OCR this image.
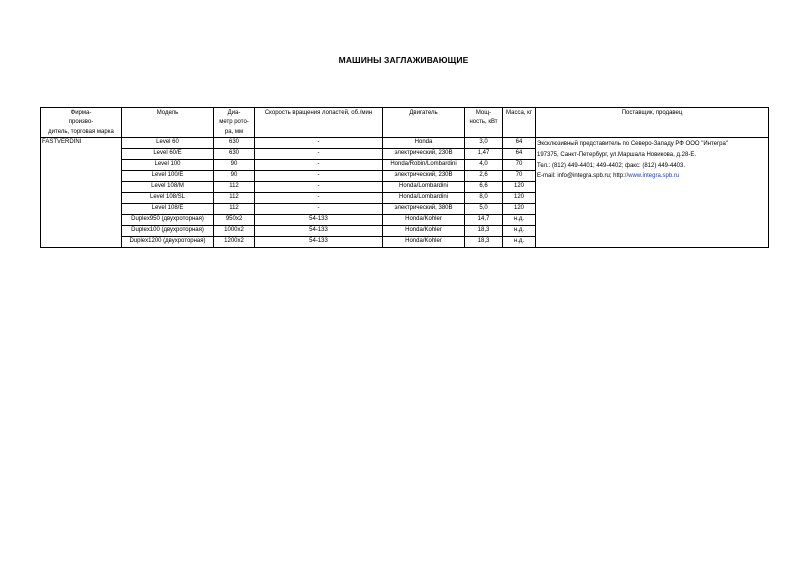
МАШИНЫ ЗАГЛАЖИВАЮЩИЕ
Фирма-
произво-
дитель, торговая марка	Модель	Диа-
метр рото-
ра, мм	Скорость вращения лопастей, об./мин	Двигатель	Мощ-
ность, кВт	Масса, кг	Поставщик, продавец
FASTVERDINI	Level 60	630	-	Honda	3,0	64	Эксклюзивный представитель по Северо-Западу РФ ООО "Интегра"
197375, Санкт-Петербург, ул.Маршала Новикова, д.28-Е.
Тел.: (812) 449-4401; 449-4402; факс: (812) 449-4403.
E-mail: info@integra.spb.ru; http://www.integra.spb.ru

	Level 60/E	630	-	электрический, 230В	1,47	64	
	Level 100	90	-	Honda/Robin/Lombardini	4,0	70	
	Level 100/E	90	-	электрический, 230В	2,6	70	
	Level 108/M	112	-	Honda/Lombardini	6,6	120	
	Level 108/SL	112	-	Honda/Lombardini	8,0	120	
	Level 108/E	112	-	электрический, 380В	5,0	120	
	Duplex950 (двухроторная)	950x2	54-133	Honda/Kohler	14,7	н.д.	
	Duplex100 (двухроторная)	1000x2	54-133	Honda/Kohler	18,3	н.д.	
	Duplex1200 (двухроторная)	1200x2	54-133	Honda/Kohler	18,3	н.д.	
